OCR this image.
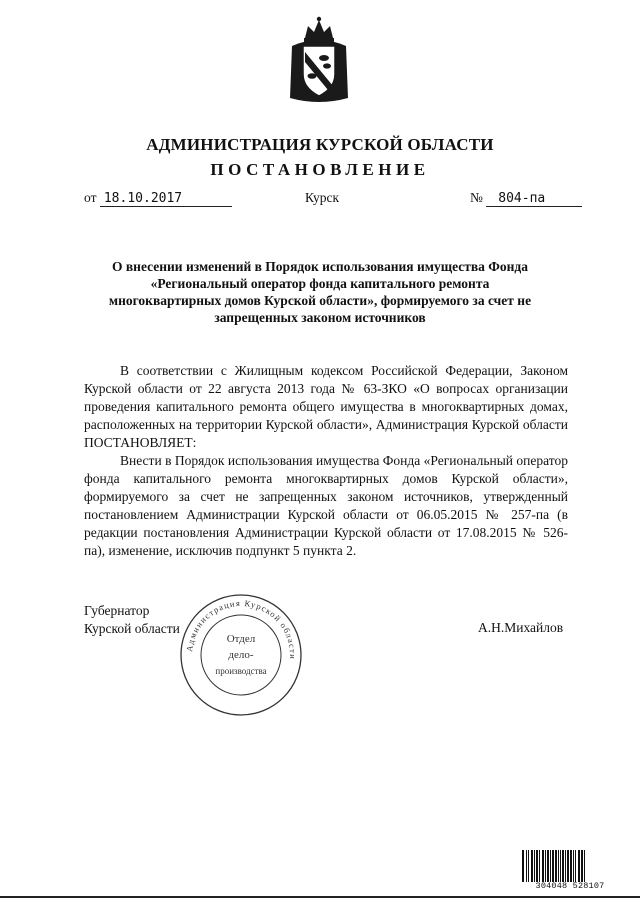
АДМИНИСТРАЦИЯ КУРСКОЙ ОБЛАСТИ
ПОСТАНОВЛЕНИЕ
от 18.10.2017	Курск	№ 804-па
О внесении изменений в Порядок использования имущества Фонда
«Региональный оператор фонда капитального ремонта
многоквартирных домов Курской области», формируемого за счет не
запрещенных законом источников

В соответствии с Жилищным кодексом Российской Федерации, Законом Курской области от 22 августа 2013 года № 63-ЗКО «О вопросах организации проведения капитального ремонта общего имущества в многоквартирных домах, расположенных на территории Курской области», Администрация Курской области ПОСТАНОВЛЯЕТ:

Внести в Порядок использования имущества Фонда «Региональный оператор фонда капитального ремонта многоквартирных домов Курской области», формируемого за счет не запрещенных законом источников, утвержденный постановлением Администрации Курской области от 06.05.2015 № 257-па (в редакции постановления Администрации Курской области от 17.08.2015 № 526-па), изменение, исключив подпункт 5 пункта 2.

Губернатор
Курской области	А.Н.Михайлов
Администрация Курской области
Отдел
дело-
производства
304048 528107
